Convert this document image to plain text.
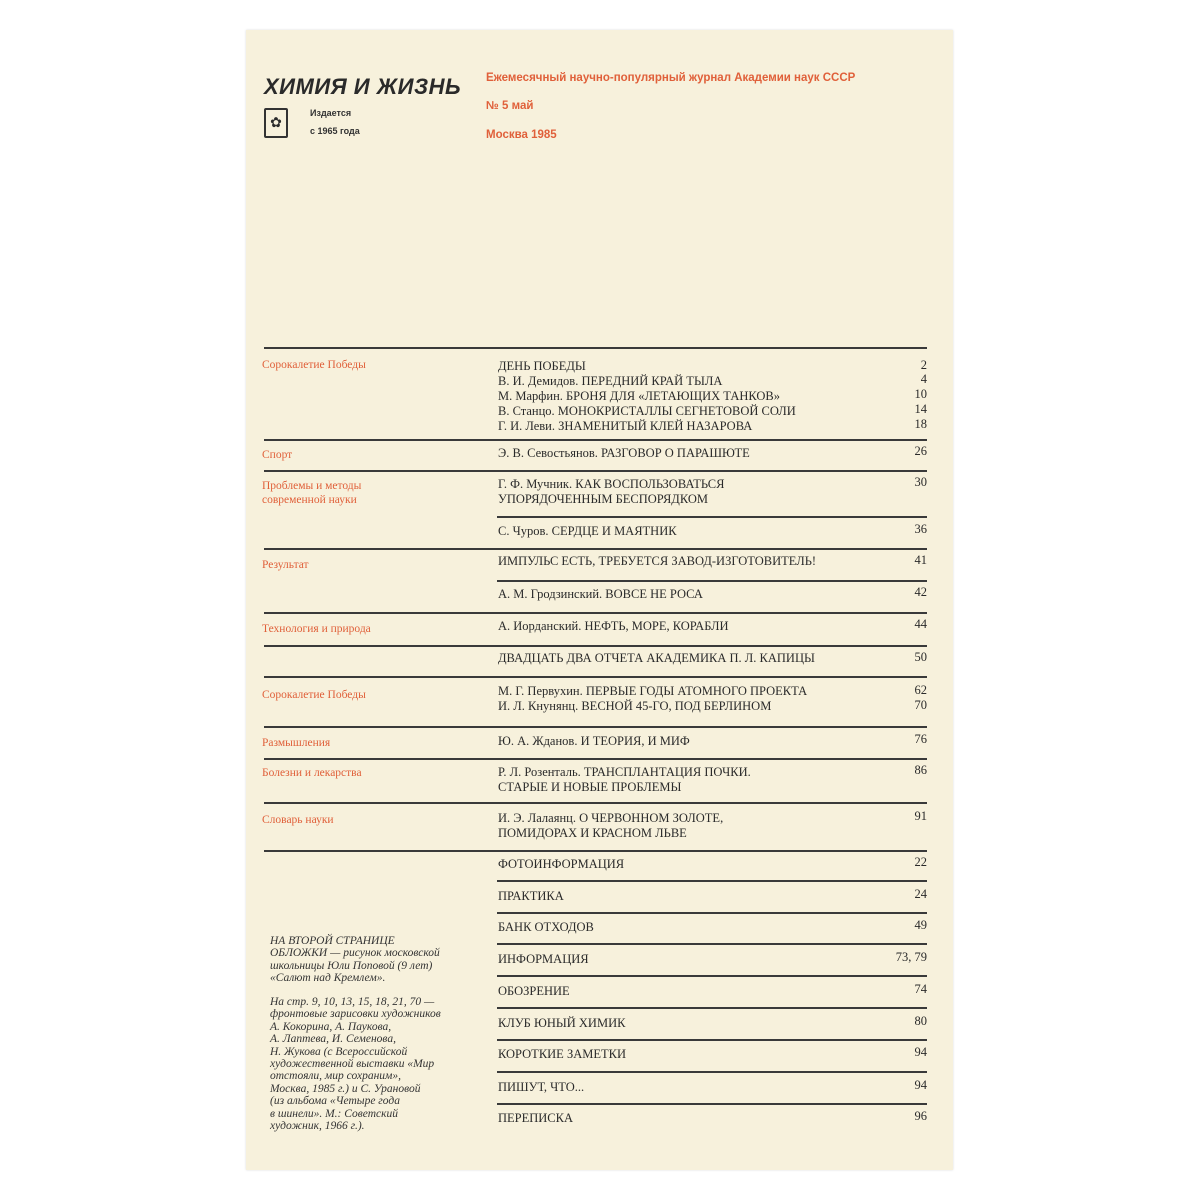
ХИМИЯ И ЖИЗНЬ
✿
Издается
с 1965 года
Ежемесячный научно-популярный журнал Академии наук СССР
№ 5 май
Москва 1985
Сорокалетие Победы	ДЕНЬ ПОБЕДЫ	2
В. И. Демидов. ПЕРЕДНИЙ КРАЙ ТЫЛА	4
М. Марфин. БРОНЯ ДЛЯ «ЛЕТАЮЩИХ ТАНКОВ»	10
В. Станцо. МОНОКРИСТАЛЛЫ СЕГНЕТОВОЙ СОЛИ	14
Г. И. Леви. ЗНАМЕНИТЫЙ КЛЕЙ НАЗАРОВА	18
Спорт	Э. В. Севостьянов. РАЗГОВОР О ПАРАШЮТЕ	26
Проблемы и методы современной науки
Г. Ф. Мучник. КАК ВОСПОЛЬЗОВАТЬСЯ	30
УПОРЯДОЧЕННЫМ БЕСПОРЯДКОМ
С. Чуров. СЕРДЦЕ И МАЯТНИК	36
Результат	ИМПУЛЬС ЕСТЬ, ТРЕБУЕТСЯ ЗАВОД-ИЗГОТОВИТЕЛЬ!	41
А. М. Гродзинский. ВОВСЕ НЕ РОСА	42
Технология и природа	А. Иорданский. НЕФТЬ, МОРЕ, КОРАБЛИ	44
ДВАДЦАТЬ ДВА ОТЧЕТА АКАДЕМИКА П. Л. КАПИЦЫ	50
Сорокалетие Победы	М. Г. Первухин. ПЕРВЫЕ ГОДЫ АТОМНОГО ПРОЕКТА	62
И. Л. Кнунянц. ВЕСНОЙ 45-ГО, ПОД БЕРЛИНОМ	70
Размышления	Ю. А. Жданов. И ТЕОРИЯ, И МИФ	76
Болезни и лекарства	Р. Л. Розенталь. ТРАНСПЛАНТАЦИЯ ПОЧКИ.	86
СТАРЫЕ И НОВЫЕ ПРОБЛЕМЫ
Словарь науки	И. Э. Лалаянц. О ЧЕРВОННОМ ЗОЛОТЕ,	91
ПОМИДОРАХ И КРАСНОМ ЛЬВЕ
ФОТОИНФОРМАЦИЯ	22
ПРАКТИКА	24
БАНК ОТХОДОВ	49
ИНФОРМАЦИЯ	73, 79
ОБОЗРЕНИЕ	74
КЛУБ ЮНЫЙ ХИМИК	80
КОРОТКИЕ ЗАМЕТКИ	94
ПИШУТ, ЧТО...	94
ПЕРЕПИСКА	96
НА ВТОРОЙ СТРАНИЦЕ
ОБЛОЖКИ — рисунок московской
школьницы Юли Поповой (9 лет)
«Салют над Кремлем».
На стр. 9, 10, 13, 15, 18, 21, 70 —
фронтовые зарисовки художников
А. Кокорина, А. Паукова,
А. Лаптева, И. Семенова,
Н. Жукова (с Всероссийской
художественной выставки «Мир
отстояли, мир сохраним»,
Москва, 1985 г.) и С. Урановой
(из альбома «Четыре года
в шинели». М.: Советский
художник, 1966 г.).
